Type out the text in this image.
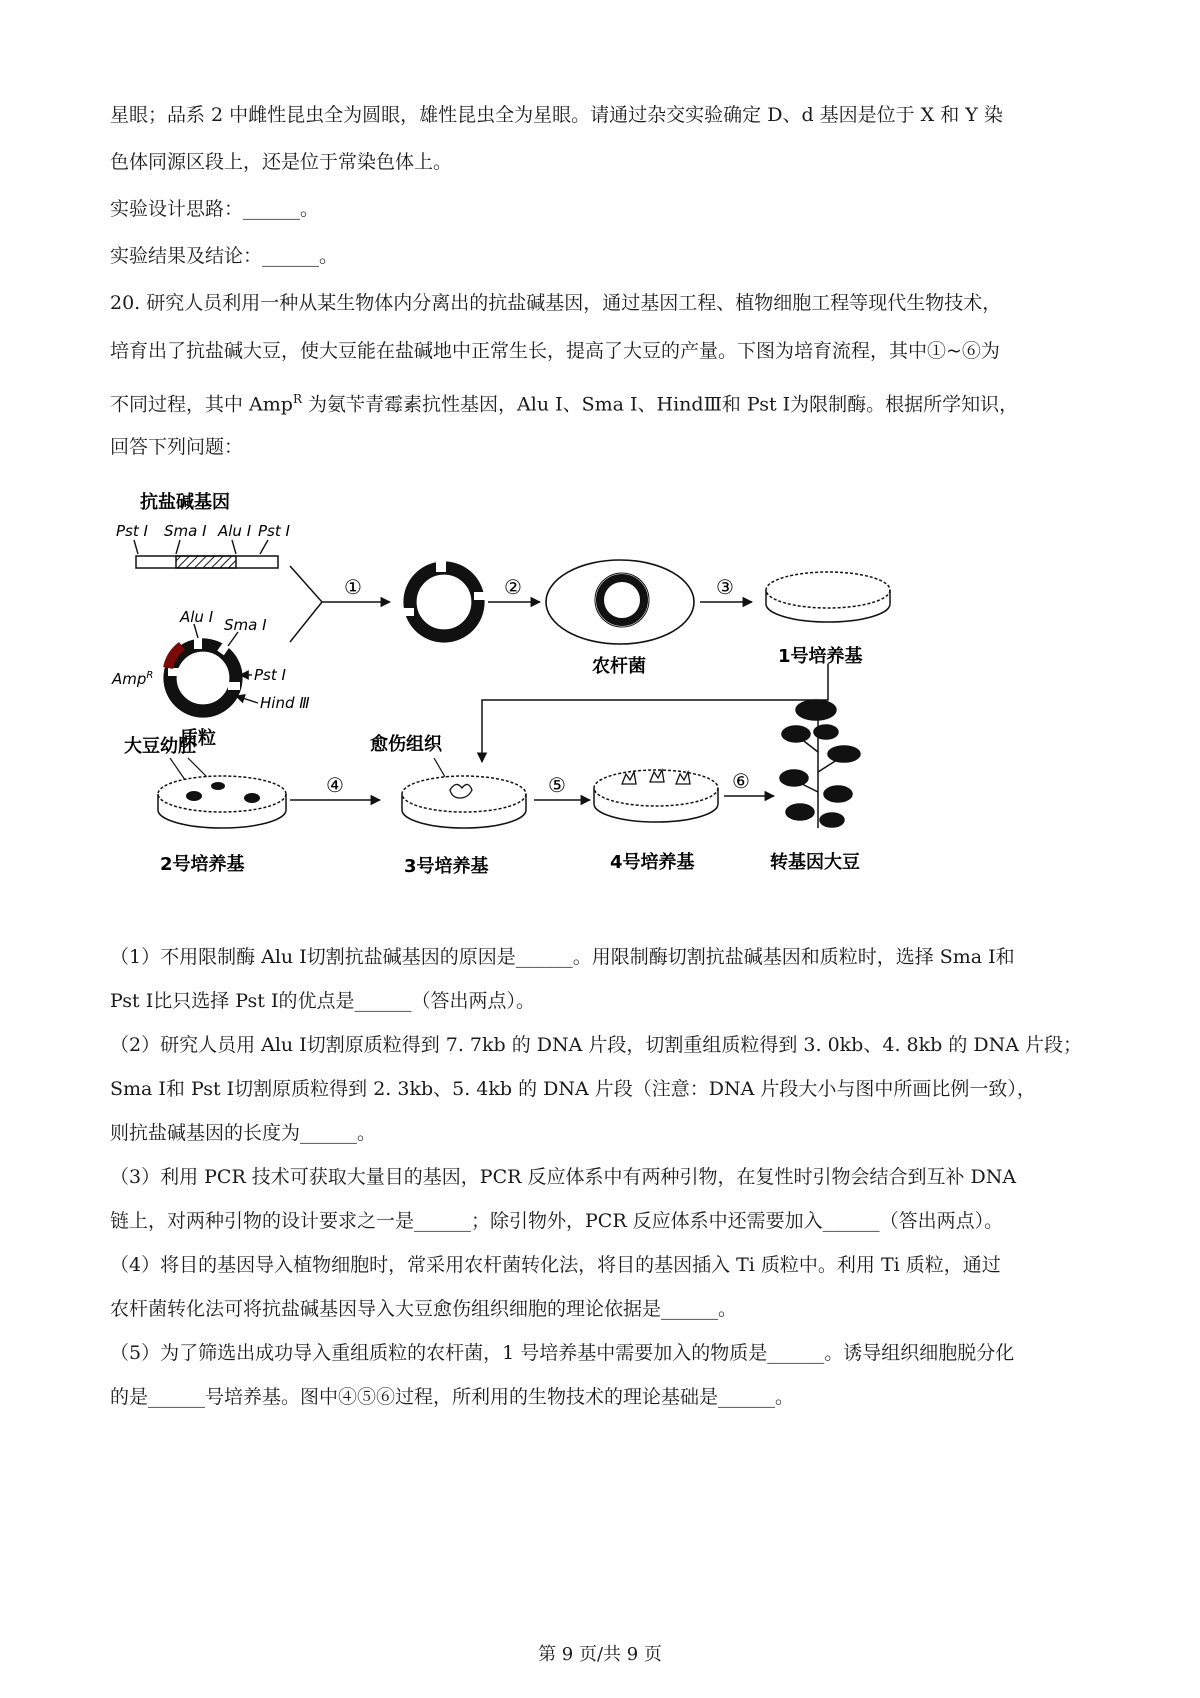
星眼；品系 2 中雌性昆虫全为圆眼，雄性昆虫全为星眼。请通过杂交实验确定 D、d 基因是位于 X 和 Y 染
色体同源区段上，还是位于常染色体上。
实验设计思路：______。
实验结果及结论：______。
20. 研究人员利用一种从某生物体内分离出的抗盐碱基因，通过基因工程、植物细胞工程等现代生物技术，
培育出了抗盐碱大豆，使大豆能在盐碱地中正常生长，提高了大豆的产量。下图为培育流程，其中①~⑥为
不同过程，其中 Amp$^R$ 为氨苄青霉素抗性基因，Alu Ⅰ、Sma Ⅰ、HindⅢ和 Pst Ⅰ为限制酶。根据所学知识，
回答下列问题：
抗盐碱基因
Pst Ⅰ Sma Ⅰ Alu Ⅰ Pst Ⅰ
Alu Ⅰ Sma Ⅰ
Pst Ⅰ
Hind Ⅲ
Amp$^R$
质粒
①	②
农杆菌
③
1号培养基
大豆幼胚
2号培养基
④
愈伤组织
3号培养基
⑤
4号培养基
⑥
转基因大豆
（1）不用限制酶 Alu Ⅰ切割抗盐碱基因的原因是______。用限制酶切割抗盐碱基因和质粒时，选择 Sma Ⅰ和
Pst Ⅰ比只选择 Pst Ⅰ的优点是______（答出两点）。
（2）研究人员用 Alu Ⅰ切割原质粒得到 7. 7kb 的 DNA 片段，切割重组质粒得到 3. 0kb、4. 8kb 的 DNA 片段；
Sma Ⅰ和 Pst Ⅰ切割原质粒得到 2. 3kb、5. 4kb 的 DNA 片段（注意：DNA 片段大小与图中所画比例一致），
则抗盐碱基因的长度为______。
（3）利用 PCR 技术可获取大量目的基因，PCR 反应体系中有两种引物，在复性时引物会结合到互补 DNA
链上，对两种引物的设计要求之一是______；除引物外，PCR 反应体系中还需要加入______（答出两点）。
（4）将目的基因导入植物细胞时，常采用农杆菌转化法，将目的基因插入 Ti 质粒中。利用 Ti 质粒，通过
农杆菌转化法可将抗盐碱基因导入大豆愈伤组织细胞的理论依据是______。
（5）为了筛选出成功导入重组质粒的农杆菌，1 号培养基中需要加入的物质是______。诱导组织细胞脱分化
的是______号培养基。图中④⑤⑥过程，所利用的生物技术的理论基础是______。
第 9 页/共 9 页
